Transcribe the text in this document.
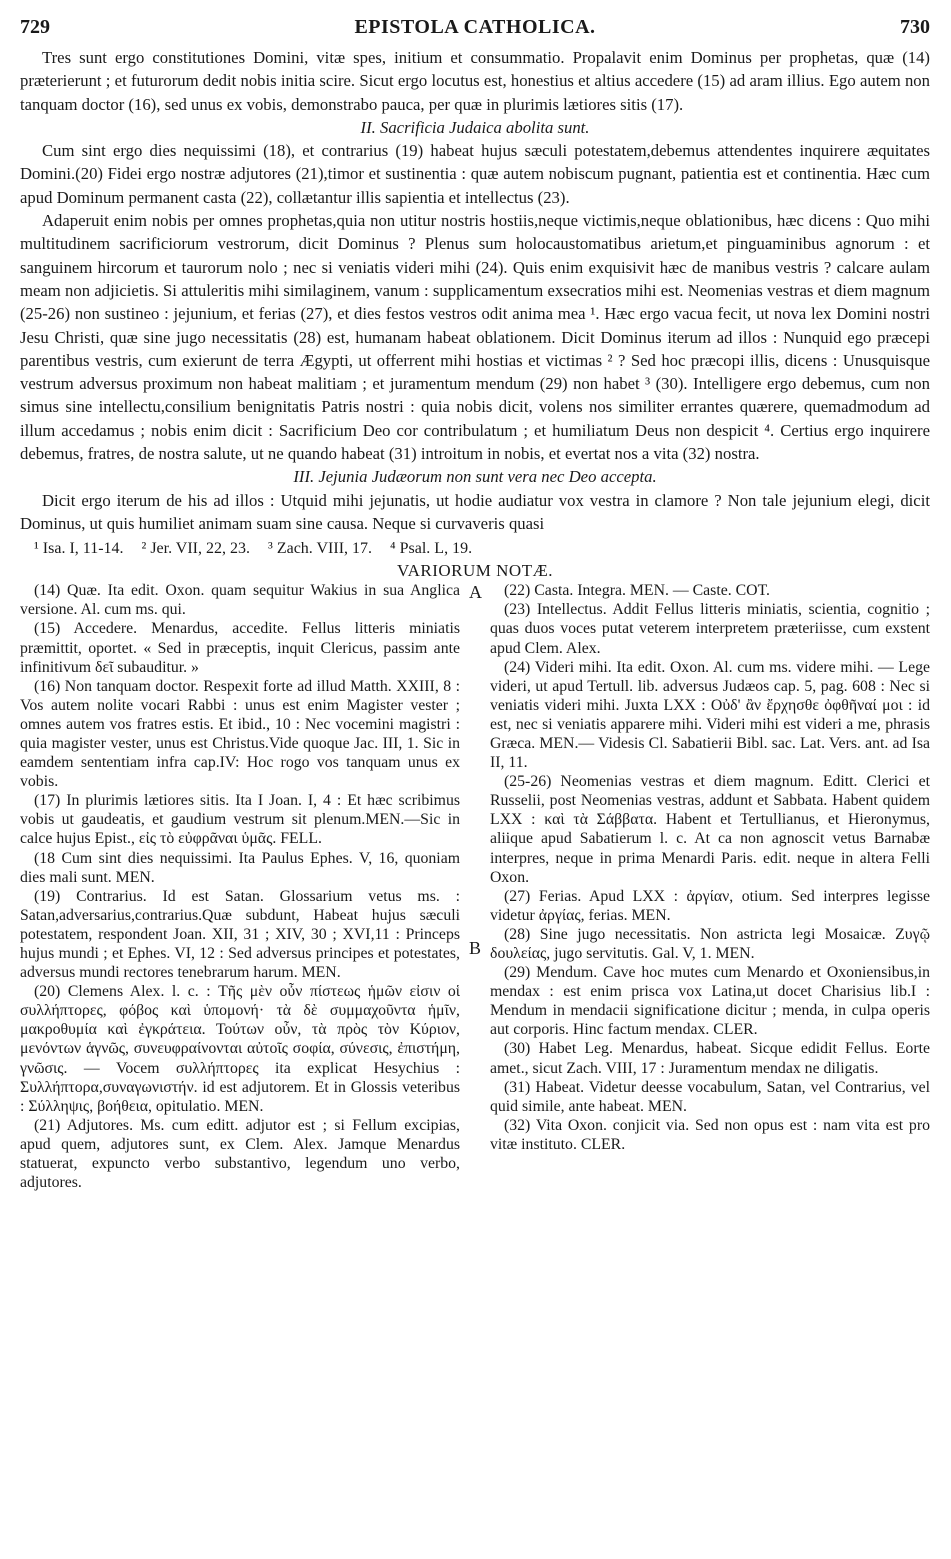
729	EPISTOLA CATHOLICA.	730

Tres sunt ergo constitutiones Domini, vitæ spes, initium et consummatio. Propalavit enim Dominus per prophetas, quæ (14) præterierunt ; et futurorum dedit nobis initia scire. Sicut ergo locutus est, honestius et altius accedere (15) ad aram illius. Ego autem non tanquam doctor (16), sed unus ex vobis, demonstrabo pauca, per quæ in plurimis lætiores sitis (17).

II. Sacrificia Judaica abolita sunt.

Cum sint ergo dies nequissimi (18), et contrarius (19) habeat hujus sæculi potestatem,debemus attendentes inquirere æquitates Domini.(20) Fidei ergo nostræ adjutores (21),timor et sustinentia : quæ autem nobiscum pugnant, patientia est et continentia. Hæc cum apud Dominum permanent casta (22), collætantur illis sapientia et intellectus (23).

Adaperuit enim nobis per omnes prophetas,quia non utitur nostris hostiis,neque victimis,neque oblationibus, hæc dicens : Quo mihi multitudinem sacrificiorum vestrorum, dicit Dominus ? Plenus sum holocaustomatibus arietum,et pinguaminibus agnorum : et sanguinem hircorum et taurorum nolo ; nec si veniatis videri mihi (24). Quis enim exquisivit hæc de manibus vestris ? calcare aulam meam non adjicietis. Si attuleritis mihi similaginem, vanum : supplicamentum exsecratios mihi est. Neomenias vestras et diem magnum (25-26) non sustineo : jejunium, et ferias (27), et dies festos vestros odit anima mea ¹. Hæc ergo vacua fecit, ut nova lex Domini nostri Jesu Christi, quæ sine jugo necessitatis (28) est, humanam habeat oblationem. Dicit Dominus iterum ad illos : Nunquid ego præcepi parentibus vestris, cum exierunt de terra Ægypti, ut offerrent mihi hostias et victimas ² ? Sed hoc præcopi illis, dicens : Unusquisque vestrum adversus proximum non habeat malitiam ; et juramentum mendum (29) non habet ³ (30). Intelligere ergo debemus, cum non simus sine intellectu,consilium benignitatis Patris nostri : quia nobis dicit, volens nos similiter errantes quærere, quemadmodum ad illum accedamus ; nobis enim dicit : Sacrificium Deo cor contribulatum ; et humiliatum Deus non despicit ⁴. Certius ergo inquirere debemus, fratres, de nostra salute, ut ne quando habeat (31) introitum in nobis, et evertat nos a vita (32) nostra.

III. Jejunia Judæorum non sunt vera nec Deo accepta.

Dicit ergo iterum de his ad illos : Utquid mihi jejunatis, ut hodie audiatur vox vestra in clamore ? Non tale jejunium elegi, dicit Dominus, ut quis humiliet animam suam sine causa. Neque si curvaveris quasi

¹ Isa. I, 11-14. ² Jer. VII, 22, 23. ³ Zach. VIII, 17. ⁴ Psal. L, 19.
VARIORUM NOTÆ.

(14) Quæ. Ita edit. Oxon. quam sequitur Wakius in sua Anglica versione. Al. cum ms. qui.

(15) Accedere. Menardus, accedite. Fellus litteris miniatis præmittit, oportet. « Sed in præceptis, inquit Clericus, passim ante infinitivum δεῖ subauditur. »

(16) Non tanquam doctor. Respexit forte ad illud Matth. XXIII, 8 : Vos autem nolite vocari Rabbi : unus est enim Magister vester ; omnes autem vos fratres estis. Et ibid., 10 : Nec vocemini magistri : quia magister vester, unus est Christus.Vide quoque Jac. III, 1. Sic in eamdem sententiam infra cap.IV: Hoc rogo vos tanquam unus ex vobis.

(17) In plurimis lætiores sitis. Ita I Joan. I, 4 : Et hæc scribimus vobis ut gaudeatis, et gaudium vestrum sit plenum.MEN.—Sic in calce hujus Epist., εἰς τὸ εὐφρᾶναι ὑμᾶς. FELL.

(18 Cum sint dies nequissimi. Ita Paulus Ephes. V, 16, quoniam dies mali sunt. MEN.

(19) Contrarius. Id est Satan. Glossarium vetus ms. : Satan,adversarius,contrarius.Quæ subdunt, Habeat hujus sæculi potestatem, respondent Joan. XII, 31 ; XIV, 30 ; XVI,11 : Princeps hujus mundi ; et Ephes. VI, 12 : Sed adversus principes et potestates, adversus mundi rectores tenebrarum harum. MEN.

(20) Clemens Alex. l. c. : Τῆς μὲν οὖν πίστεως ἡμῶν εἰσιν οἱ συλλήπτορες, φόβος καὶ ὑπομονή· τὰ δὲ συμμαχοῦντα ἡμῖν, μακροθυμία καὶ ἐγκράτεια. Τούτων οὖν, τὰ πρὸς τὸν Κύριον, μενόντων ἁγνῶς, συνευφραίνονται αὐτοῖς σοφία, σύνεσις, ἐπιστήμη, γνῶσις. — Vocem συλλήπτορες ita explicat Hesychius : Συλλήπτορα,συναγωνιστήν. id est adjutorem. Et in Glossis veteribus : Σύλληψις, βοήθεια, opitulatio. MEN.

(21) Adjutores. Ms. cum editt. adjutor est ; si Fellum excipias, apud quem, adjutores sunt, ex Clem. Alex. Jamque Menardus statuerat, expuncto verbo substantivo, legendum uno verbo, adjutores.

A
B

(22) Casta. Integra. MEN. — Caste. COT.

(23) Intellectus. Addit Fellus litteris miniatis, scientia, cognitio ; quas duos voces putat veterem interpretem præteriisse, cum exstent apud Clem. Alex.

(24) Videri mihi. Ita edit. Oxon. Al. cum ms. videre mihi. — Lege videri, ut apud Tertull. lib. adversus Judæos cap. 5, pag. 608 : Nec si veniatis videri mihi. Juxta LXX : Οὐδ' ἂν ἔρχησθε ὀφθῆναί μοι : id est, nec si veniatis apparere mihi. Videri mihi est videri a me, phrasis Græca. MEN.— Videsis Cl. Sabatierii Bibl. sac. Lat. Vers. ant. ad Isa II, 11.

(25-26) Neomenias vestras et diem magnum. Editt. Clerici et Russelii, post Neomenias vestras, addunt et Sabbata. Habent quidem LXX : καὶ τὰ Σάββατα. Habent et Tertullianus, et Hieronymus, aliique apud Sabatierum l. c. At ca non agnoscit vetus Barnabæ interpres, neque in prima Menardi Paris. edit. neque in altera Felli Oxon.

(27) Ferias. Apud LXX : ἀργίαν, otium. Sed interpres legisse videtur ἀργίας, ferias. MEN.

(28) Sine jugo necessitatis. Non astricta legi Mosaicæ. Ζυγῷ δουλείας, jugo servitutis. Gal. V, 1. MEN.

(29) Mendum. Cave hoc mutes cum Menardo et Oxoniensibus,in mendax : est enim prisca vox Latina,ut docet Charisius lib.I : Mendum in mendacii significatione dicitur ; menda, in culpa operis aut corporis. Hinc factum mendax. CLER.

(30) Habet Leg. Menardus, habeat. Sicque edidit Fellus. Eorte amet., sicut Zach. VIII, 17 : Juramentum mendax ne diligatis.

(31) Habeat. Videtur deesse vocabulum, Satan, vel Contrarius, vel quid simile, ante habeat. MEN.

(32) Vita Oxon. conjicit via. Sed non opus est : nam vita est pro vitæ instituto. CLER.
